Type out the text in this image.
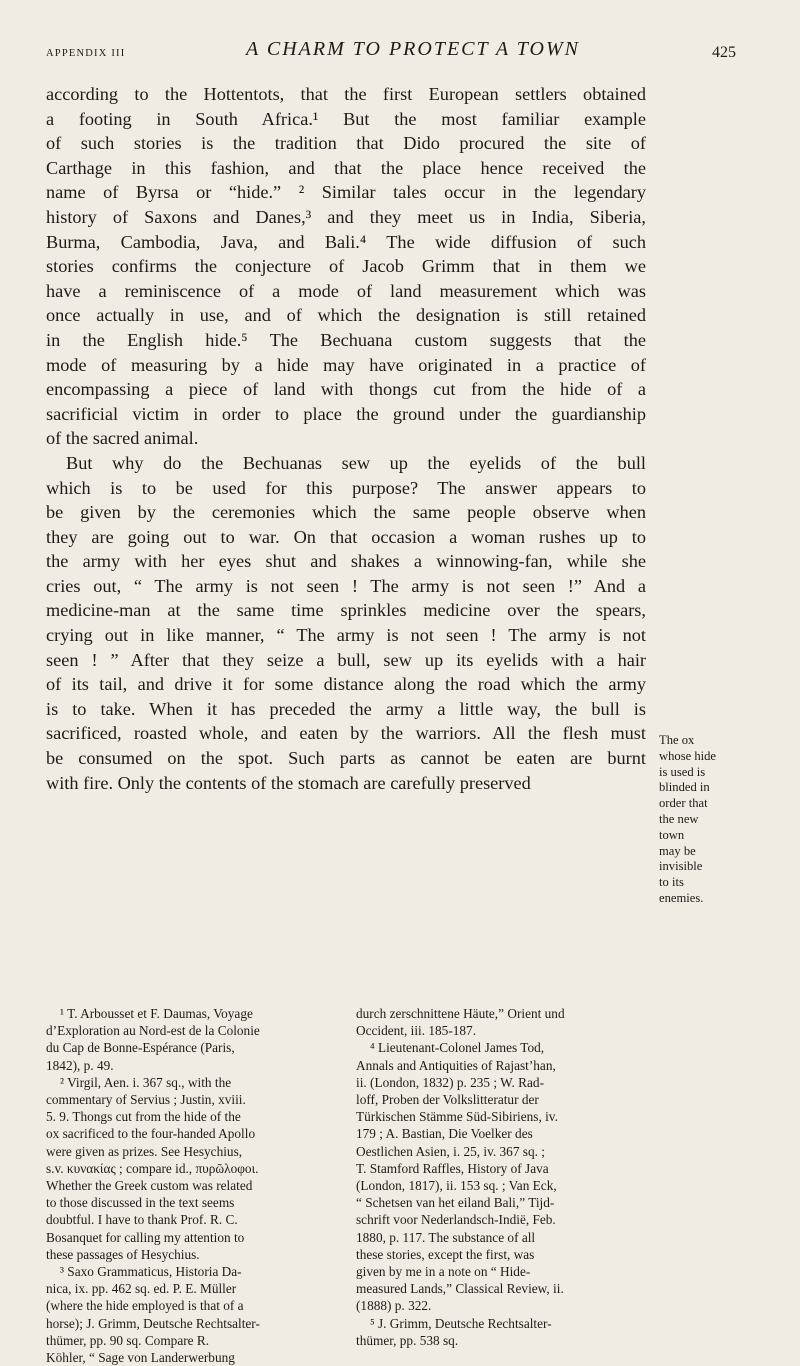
APPENDIX III	A CHARM TO PROTECT A TOWN	425
according to the Hottentots, that the first European settlers obtained
a footing in South Africa.¹ But the most familiar example
of such stories is the tradition that Dido procured the site of
Carthage in this fashion, and that the place hence received the
name of Byrsa or “hide.” ² Similar tales occur in the legendary
history of Saxons and Danes,³ and they meet us in India, Siberia,
Burma, Cambodia, Java, and Bali.⁴ The wide diffusion of such
stories confirms the conjecture of Jacob Grimm that in them we
have a reminiscence of a mode of land measurement which was
once actually in use, and of which the designation is still retained
in the English hide.⁵ The Bechuana custom suggests that the
mode of measuring by a hide may have originated in a practice of
encompassing a piece of land with thongs cut from the hide of a
sacrificial victim in order to place the ground under the guardianship
of the sacred animal.
But why do the Bechuanas sew up the eyelids of the bull
which is to be used for this purpose? The answer appears to
be given by the ceremonies which the same people observe when
they are going out to war. On that occasion a woman rushes up to
the army with her eyes shut and shakes a winnowing-fan, while she
cries out, “ The army is not seen ! The army is not seen !” And a
medicine-man at the same time sprinkles medicine over the spears,
crying out in like manner, “ The army is not seen ! The army is not
seen ! ” After that they seize a bull, sew up its eyelids with a hair
of its tail, and drive it for some distance along the road which the army
is to take. When it has preceded the army a little way, the bull is
sacrificed, roasted whole, and eaten by the warriors. All the flesh must
be consumed on the spot. Such parts as cannot be eaten are burnt
with fire. Only the contents of the stomach are carefully preserved
The ox
whose hide
is used is
blinded in
order that
the new
town
may be
invisible
to its
enemies.
¹ T. Arbousset et F. Daumas, Voyage
d’Exploration au Nord-est de la Colonie
du Cap de Bonne-Espérance (Paris,
1842), p. 49.
² Virgil, Aen. i. 367 sq., with the
commentary of Servius ; Justin, xviii.
5. 9. Thongs cut from the hide of the
ox sacrificed to the four-handed Apollo
were given as prizes. See Hesychius,
s.v. κυνακίας ; compare id., πυρῶλοφοι.
Whether the Greek custom was related
to those discussed in the text seems
doubtful. I have to thank Prof. R. C.
Bosanquet for calling my attention to
these passages of Hesychius.
³ Saxo Grammaticus, Historia Da-
nica, ix. pp. 462 sq. ed. P. E. Müller
(where the hide employed is that of a
horse); J. Grimm, Deutsche Rechtsalter-
thümer, pp. 90 sq. Compare R.
Köhler, “ Sage von Landerwerbung
durch zerschnittene Häute,” Orient und
Occident, iii. 185-187.
⁴ Lieutenant-Colonel James Tod,
Annals and Antiquities of Rajast’han,
ii. (London, 1832) p. 235 ; W. Rad-
loff, Proben der Volkslitteratur der
Türkischen Stämme Süd-Sibiriens, iv.
179 ; A. Bastian, Die Voelker des
Oestlichen Asien, i. 25, iv. 367 sq. ;
T. Stamford Raffles, History of Java
(London, 1817), ii. 153 sq. ; Van Eck,
“ Schetsen van het eiland Bali,” Tijd-
schrift voor Nederlandsch-Indië, Feb.
1880, p. 117. The substance of all
these stories, except the first, was
given by me in a note on “ Hide-
measured Lands,” Classical Review, ii.
(1888) p. 322.
⁵ J. Grimm, Deutsche Rechtsalter-
thümer, pp. 538 sq.
